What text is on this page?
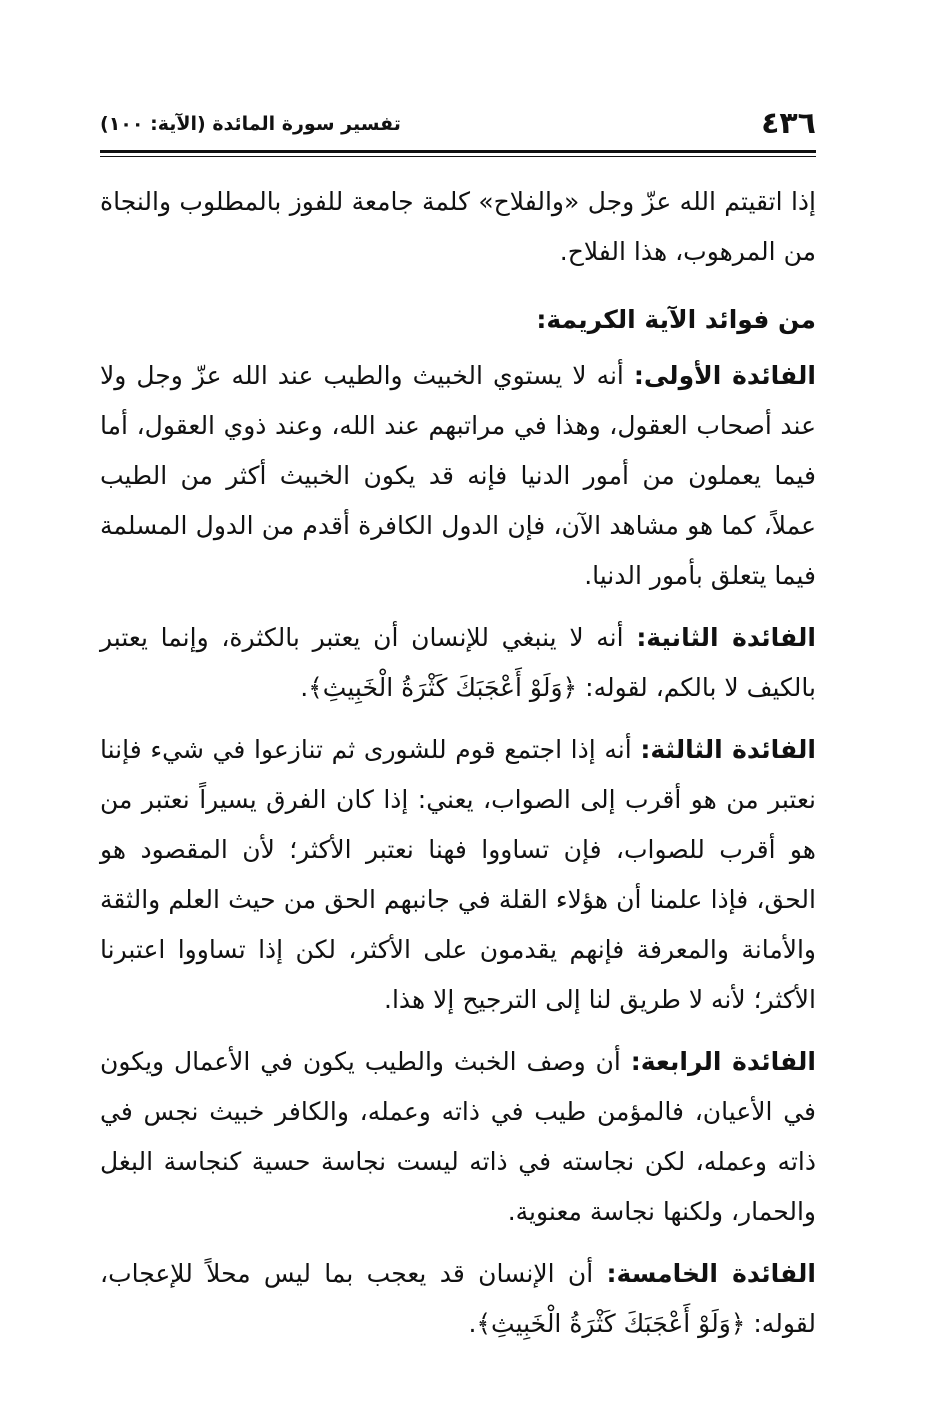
٤٣٦
تفسير سورة المائدة (الآية: ١٠٠)

إذا اتقيتم الله عزّ وجل «والفلاح» كلمة جامعة للفوز بالمطلوب والنجاة من المرهوب، هذا الفلاح.

من فوائد الآية الكريمة:

الفائدة الأولى: أنه لا يستوي الخبيث والطيب عند الله عزّ وجل ولا عند أصحاب العقول، وهذا في مراتبهم عند الله، وعند ذوي العقول، أما فيما يعملون من أمور الدنيا فإنه قد يكون الخبيث أكثر من الطيب عملاً، كما هو مشاهد الآن، فإن الدول الكافرة أقدم من الدول المسلمة فيما يتعلق بأمور الدنيا.

الفائدة الثانية: أنه لا ينبغي للإنسان أن يعتبر بالكثرة، وإنما يعتبر بالكيف لا بالكم، لقوله: ﴿وَلَوْ أَعْجَبَكَ كَثْرَةُ الْخَبِيثِ﴾.

الفائدة الثالثة: أنه إذا اجتمع قوم للشورى ثم تنازعوا في شيء فإننا نعتبر من هو أقرب إلى الصواب، يعني: إذا كان الفرق يسيراً نعتبر من هو أقرب للصواب، فإن تساووا فهنا نعتبر الأكثر؛ لأن المقصود هو الحق، فإذا علمنا أن هؤلاء القلة في جانبهم الحق من حيث العلم والثقة والأمانة والمعرفة فإنهم يقدمون على الأكثر، لكن إذا تساووا اعتبرنا الأكثر؛ لأنه لا طريق لنا إلى الترجيح إلا هذا.

الفائدة الرابعة: أن وصف الخبث والطيب يكون في الأعمال ويكون في الأعيان، فالمؤمن طيب في ذاته وعمله، والكافر خبيث نجس في ذاته وعمله، لكن نجاسته في ذاته ليست نجاسة حسية كنجاسة البغل والحمار، ولكنها نجاسة معنوية.

الفائدة الخامسة: أن الإنسان قد يعجب بما ليس محلاً للإعجاب، لقوله: ﴿وَلَوْ أَعْجَبَكَ كَثْرَةُ الْخَبِيثِ﴾.
